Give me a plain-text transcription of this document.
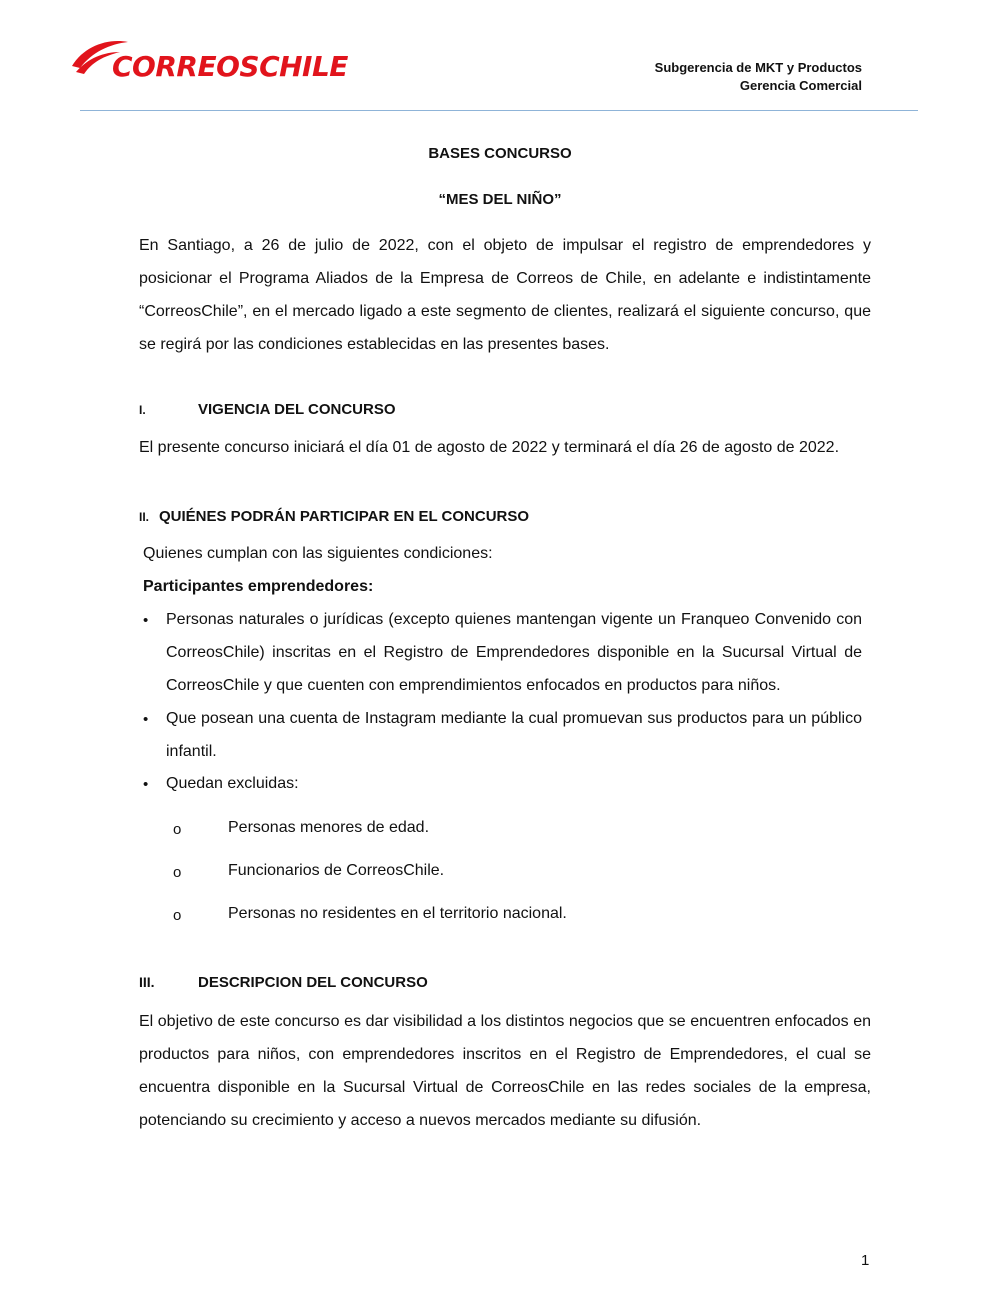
CORREOSCHILE	Subgerencia de MKT y Productos
Gerencia Comercial
BASES CONCURSO
“MES DEL NIÑO”

En Santiago, a 26 de julio de 2022, con el objeto de impulsar el registro de emprendedores y posicionar el Programa Aliados de la Empresa de Correos de Chile, en adelante e indistintamente “CorreosChile”, en el mercado ligado a este segmento de clientes, realizará el siguiente concurso, que se regirá por las condiciones establecidas en las presentes bases.

I.	VIGENCIA DEL CONCURSO
El presente concurso iniciará el día 01 de agosto de 2022 y terminará el día 26 de agosto de 2022.
II. QUIÉNES PODRÁN PARTICIPAR EN EL CONCURSO
Quienes cumplan con las siguientes condiciones:
Participantes emprendedores:
• Personas naturales o jurídicas (excepto quienes mantengan vigente un Franqueo Convenido con CorreosChile) inscritas en el Registro de Emprendedores disponible en la Sucursal Virtual de CorreosChile y que cuenten con emprendimientos enfocados en productos para niños.

• Que posean una cuenta de Instagram mediante la cual promuevan sus productos para un público infantil.

• Quedan excluidas:

o	Personas menores de edad.
o	Funcionarios de CorreosChile.
o	Personas no residentes en el territorio nacional.
III.	DESCRIPCION DEL CONCURSO

El objetivo de este concurso es dar visibilidad a los distintos negocios que se encuentren enfocados en productos para niños, con emprendedores inscritos en el Registro de Emprendedores, el cual se encuentra disponible en la Sucursal Virtual de CorreosChile en las redes sociales de la empresa, potenciando su crecimiento y acceso a nuevos mercados mediante su difusión.

1
